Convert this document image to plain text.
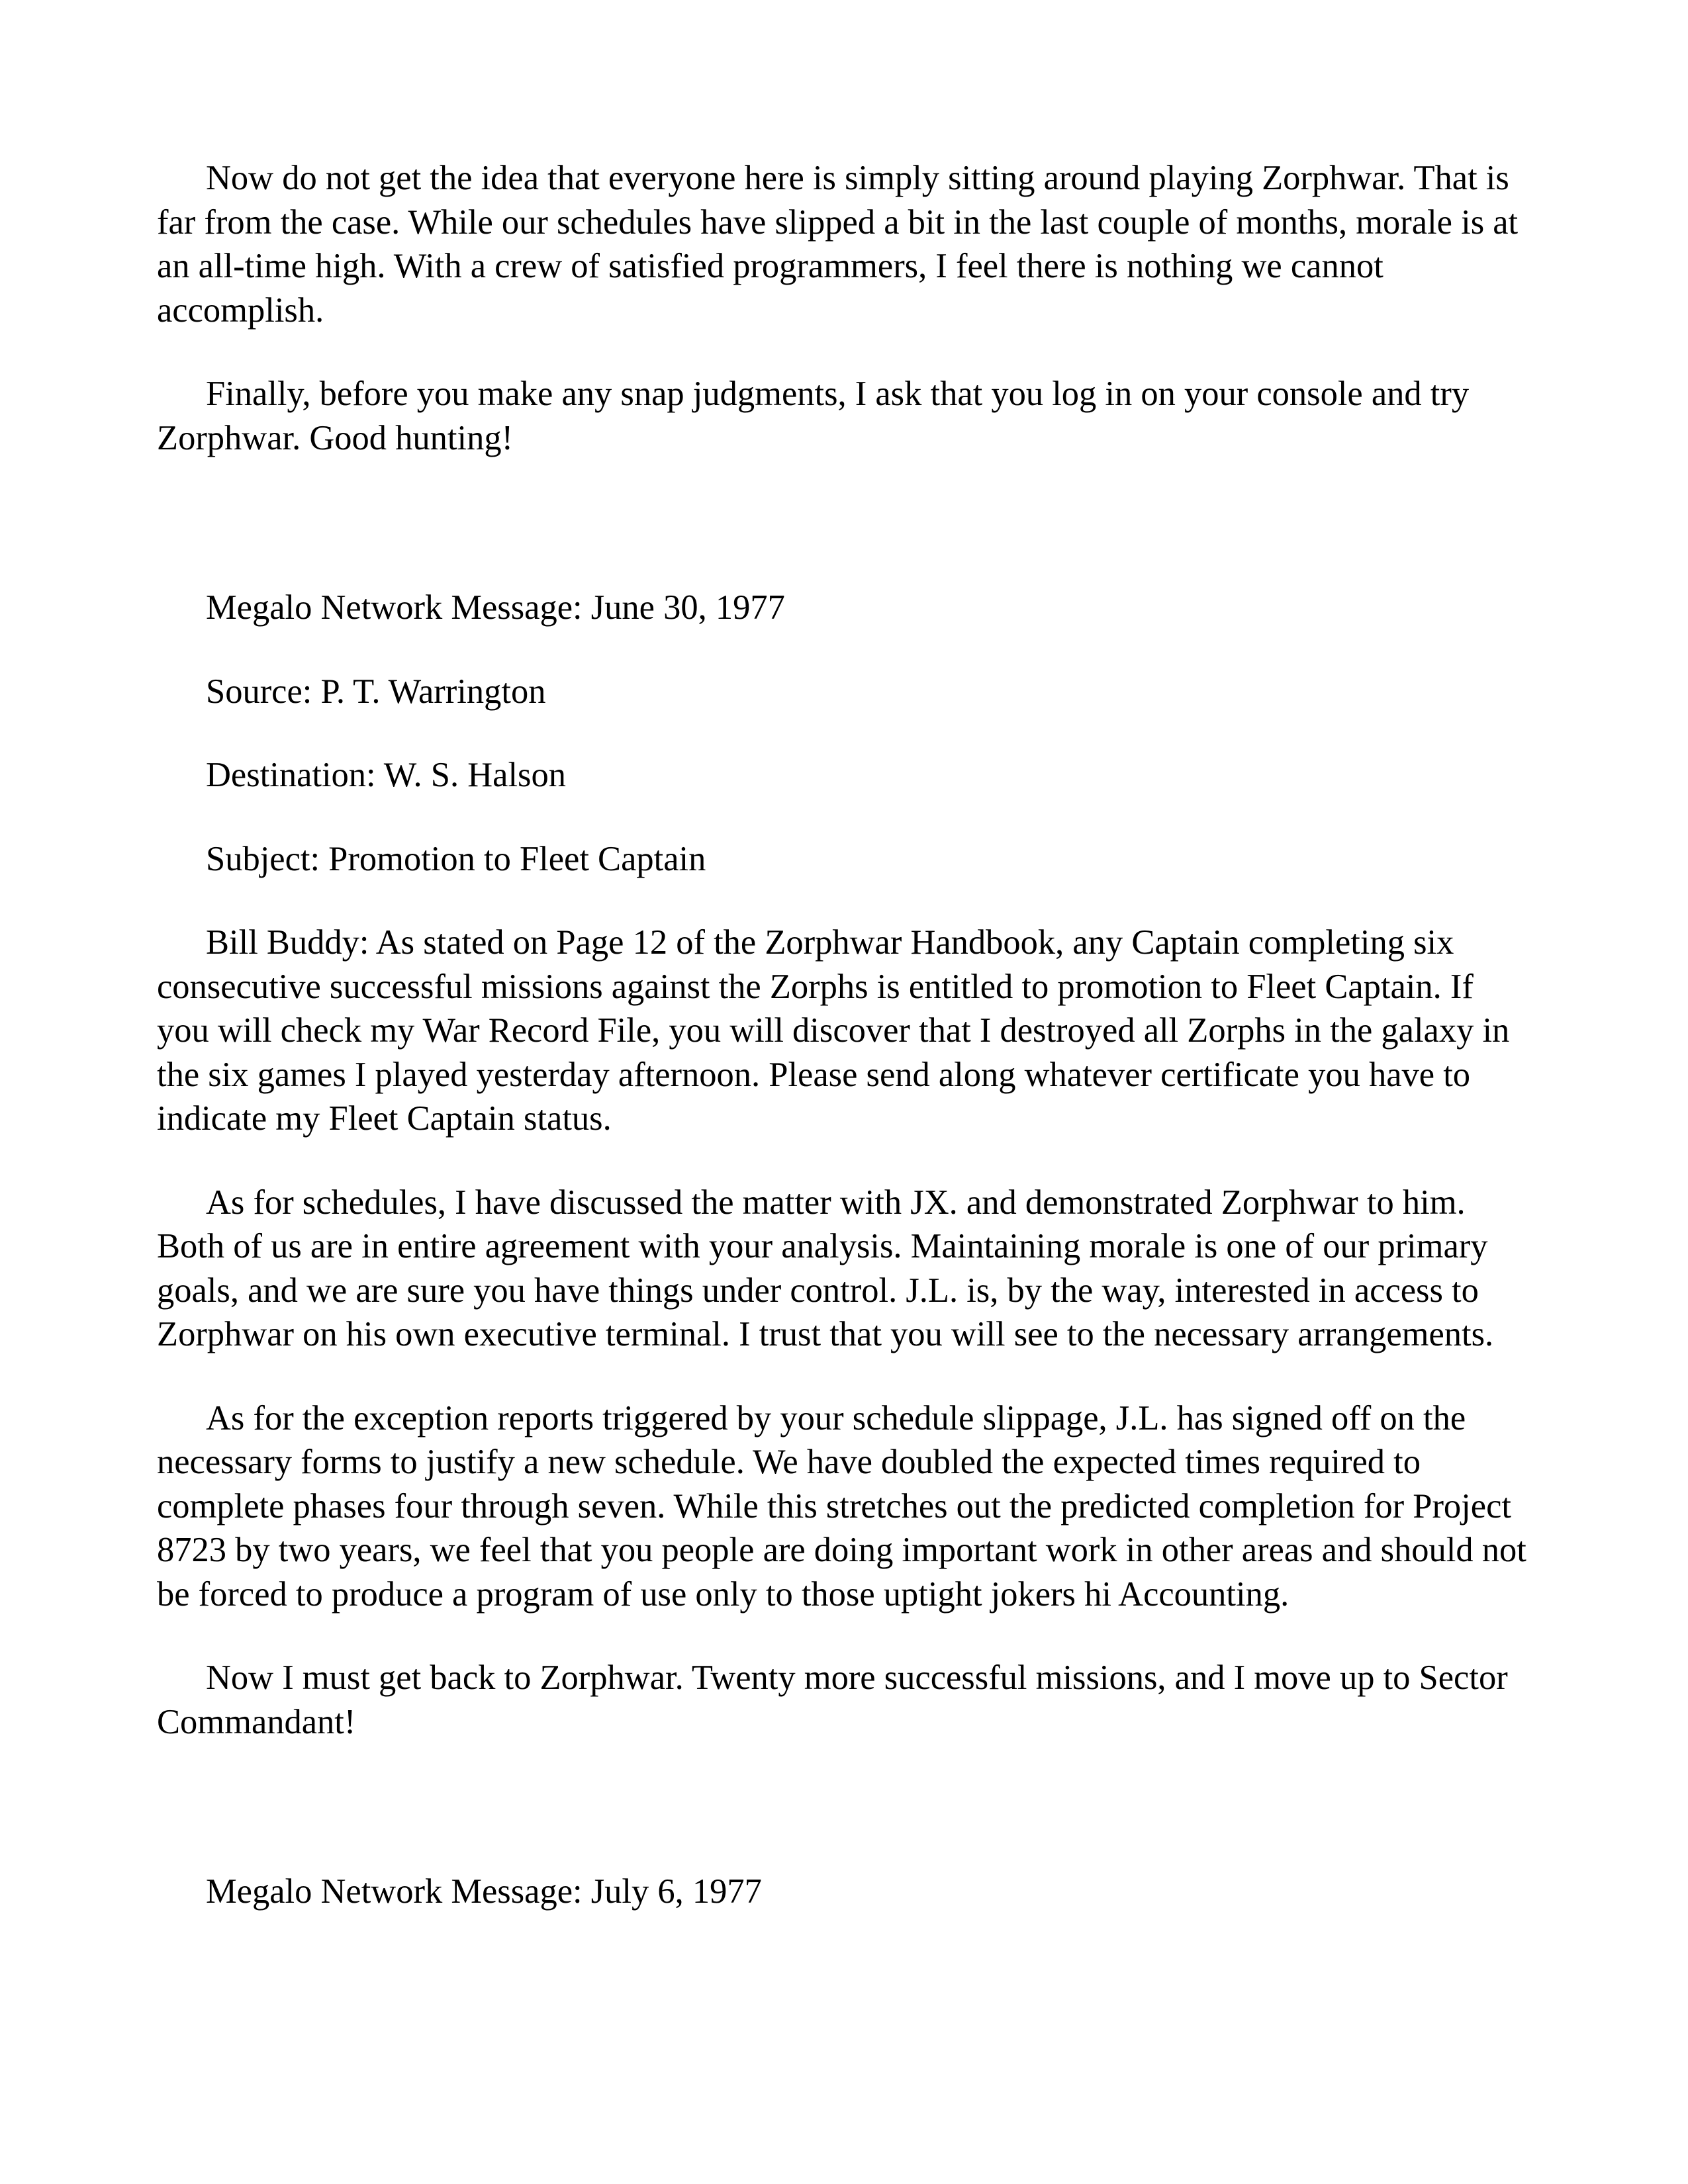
Now do not get the idea that everyone here is simply sitting around playing Zorphwar. That is far from the case. While our schedules have slipped a bit in the last couple of months, morale is at an all-time high. With a crew of satisfied programmers, I feel there is nothing we cannot accomplish.

Finally, before you make any snap judgments, I ask that you log in on your console and try Zorphwar. Good hunting!

Megalo Network Message: June 30, 1977

Source: P. T. Warrington

Destination: W. S. Halson

Subject: Promotion to Fleet Captain

Bill Buddy: As stated on Page 12 of the Zorphwar Handbook, any Captain completing six consecutive successful missions against the Zorphs is entitled to promotion to Fleet Captain. If you will check my War Record File, you will discover that I destroyed all Zorphs in the galaxy in the six games I played yesterday afternoon. Please send along whatever certificate you have to indicate my Fleet Captain status.

As for schedules, I have discussed the matter with JX. and demonstrated Zorphwar to him. Both of us are in entire agreement with your analysis. Maintaining morale is one of our primary goals, and we are sure you have things under control. J.L. is, by the way, interested in access to Zorphwar on his own executive terminal. I trust that you will see to the necessary arrangements.

As for the exception reports triggered by your schedule slippage, J.L. has signed off on the necessary forms to justify a new schedule. We have doubled the expected times required to complete phases four through seven. While this stretches out the predicted completion for Project 8723 by two years, we feel that you people are doing important work in other areas and should not be forced to produce a program of use only to those uptight jokers hi Accounting.

Now I must get back to Zorphwar. Twenty more successful missions, and I move up to Sector Commandant!

Megalo Network Message: July 6, 1977
